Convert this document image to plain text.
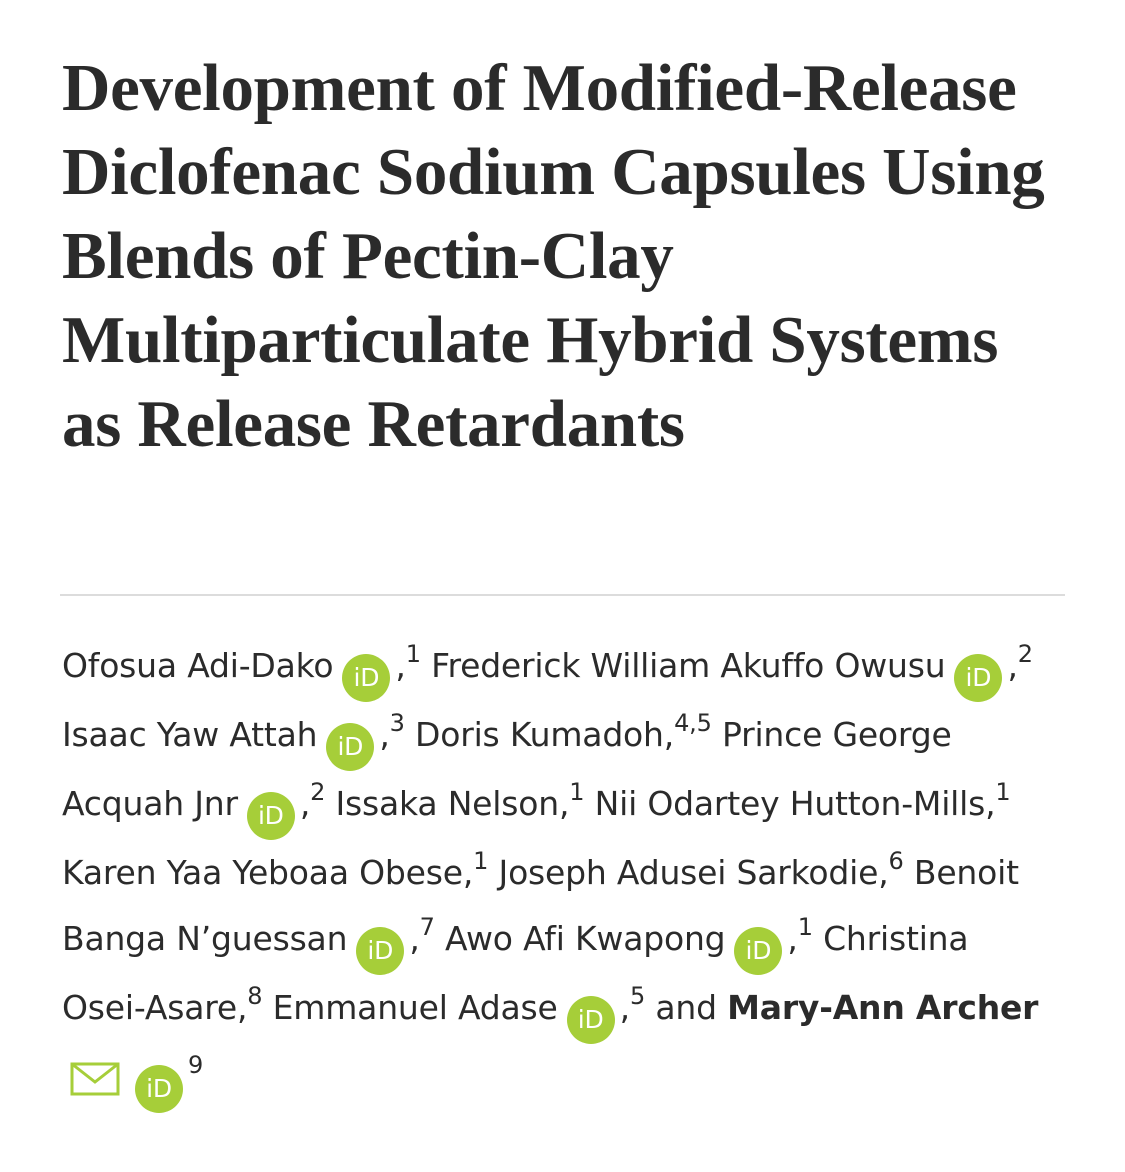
Development of Modified-Release Diclofenac Sodium Capsules Using Blends of Pectin-Clay Multiparticulate Hybrid Systems as Release Retardants

Ofosua Adi-Dako iD ,$^1$ Frederick William Akuffo Owusu iD ,$^2$ Isaac Yaw Attah iD ,$^3$ Doris Kumadoh,$^{4,5}$ Prince George Acquah Jnr iD ,$^2$ Issaka Nelson,$^1$ Nii Odartey Hutton-Mills,$^1$ Karen Yaa Yeboaa Obese,$^1$ Joseph Adusei Sarkodie,$^6$ Benoit Banga N’guessan iD ,$^7$ Awo Afi Kwapong iD ,$^1$ Christina Osei-Asare,$^8$ Emmanuel Adase iD ,$^5$ and Mary-Ann ArcheriD$^9$
